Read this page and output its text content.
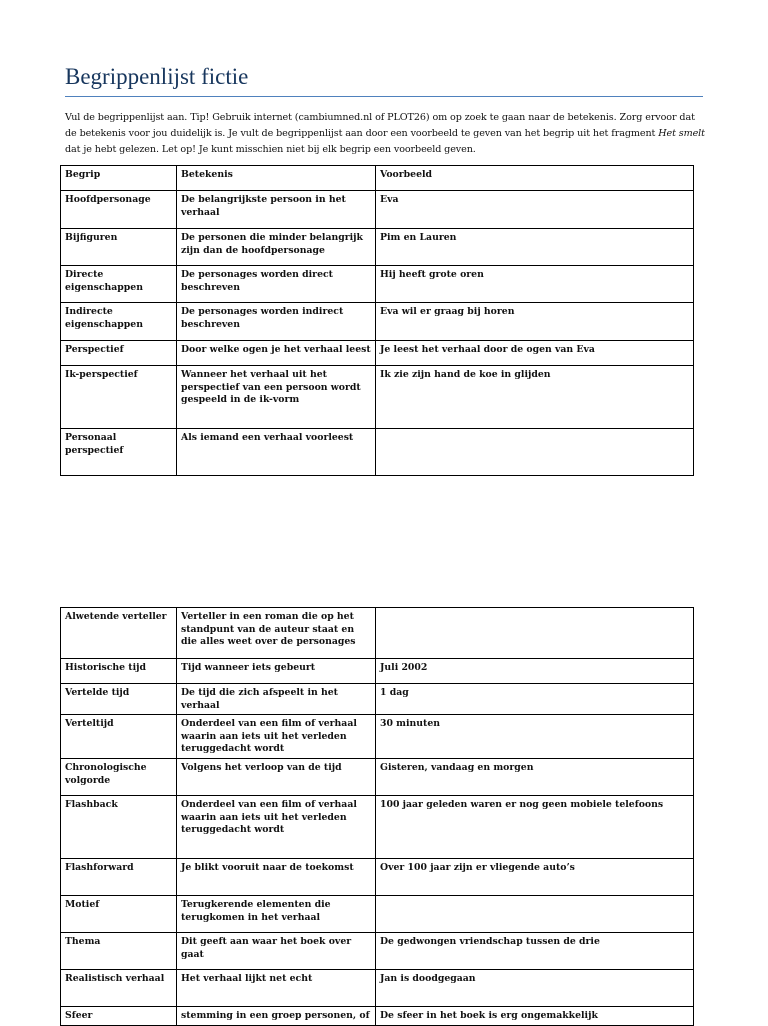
Begrippenlijst fictie
Vul de begrippenlijst aan. Tip! Gebruik internet (cambiumned.nl of PLOT26) om op zoek te gaan naar de betekenis. Zorg ervoor dat de betekenis voor jou duidelijk is. Je vult de begrippenlijst aan door een voorbeeld te geven van het begrip uit het fragment Het smelt dat je hebt gelezen. Let op! Je kunt misschien niet bij elk begrip een voorbeeld geven.
Begrip	Betekenis	Voorbeeld
Hoofdpersonage	De belangrijkste persoon in het verhaal	Eva
Bijfiguren	De personen die minder belangrijk zijn dan de hoofdpersonage	Pim en Lauren
Directe eigenschappen	De personages worden direct beschreven	Hij heeft grote oren
Indirecte eigenschappen	De personages worden indirect beschreven	Eva wil er graag bij horen
Perspectief	Door welke ogen je het verhaal leest	Je leest het verhaal door de ogen van Eva
Ik-perspectief	Wanneer het verhaal uit het perspectief van een persoon wordt gespeeld in de ik-vorm	Ik zie zijn hand de koe in glijden
Personaal perspectief	Als iemand een verhaal voorleest	
Alwetende verteller	Verteller in een roman die op het standpunt van de auteur staat en die alles weet over de personages	
Historische tijd	Tijd wanneer iets gebeurt	Juli 2002
Vertelde tijd	De tijd die zich afspeelt in het verhaal	1 dag
Verteltijd	Onderdeel van een film of verhaal waarin aan iets uit het verleden teruggedacht wordt	30 minuten
Chronologische volgorde	Volgens het verloop van de tijd	Gisteren, vandaag en morgen
Flashback	Onderdeel van een film of verhaal waarin aan iets uit het verleden teruggedacht wordt	100 jaar geleden waren er nog geen mobiele telefoons
Flashforward	Je blikt vooruit naar de toekomst	Over 100 jaar zijn er vliegende auto’s
Motief	Terugkerende elementen die terugkomen in het verhaal	
Thema	Dit geeft aan waar het boek over gaat	De gedwongen vriendschap tussen de drie
Realistisch verhaal	Het verhaal lijkt net echt	Jan is doodgegaan
Sfeer	stemming in een groep personen, of	De sfeer in het boek is erg ongemakkelijk
